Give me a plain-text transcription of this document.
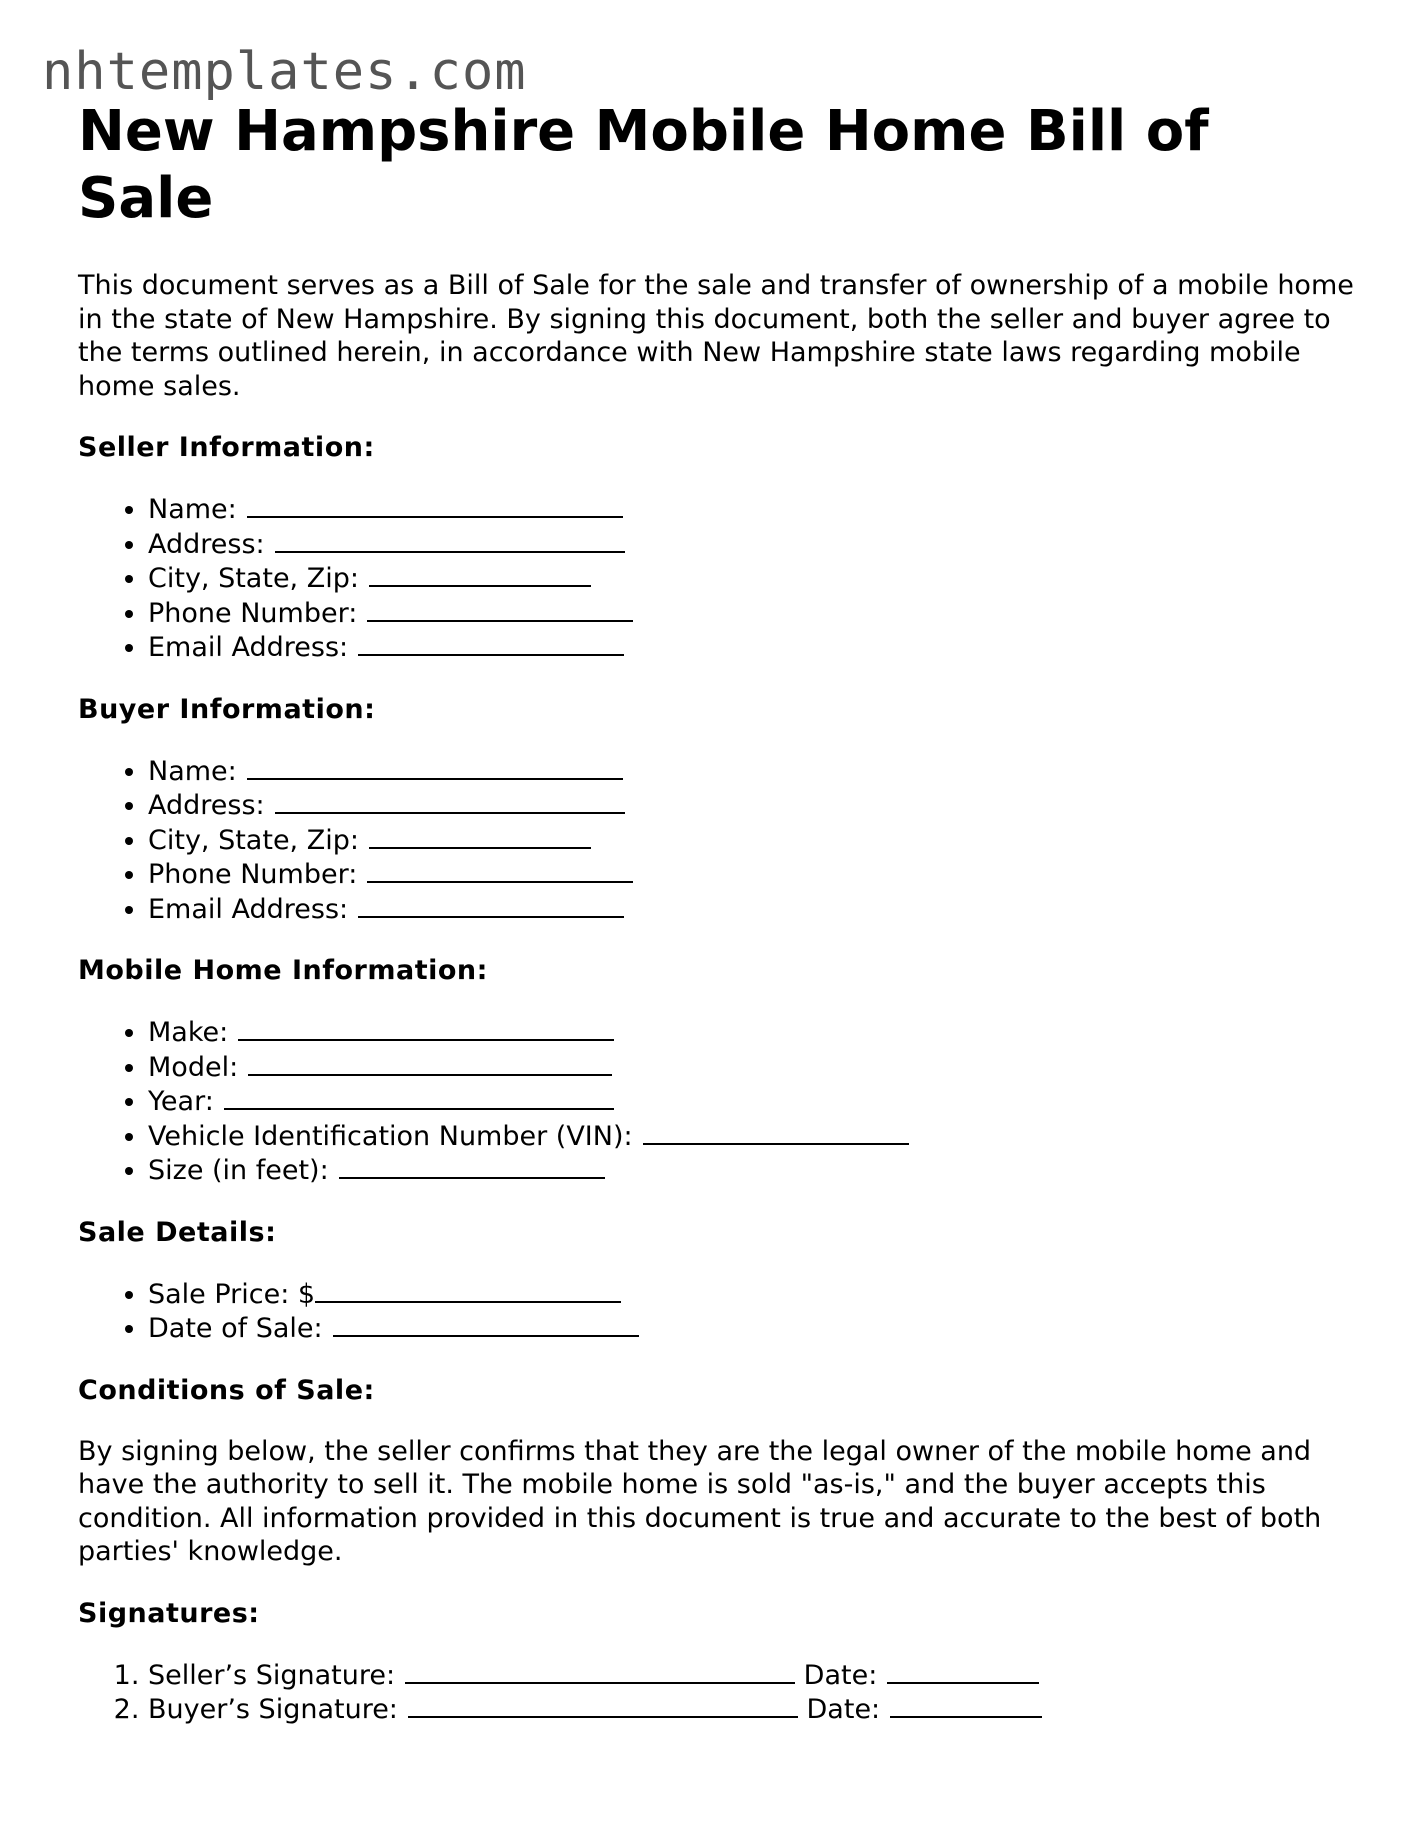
nhtemplates.com
New Hampshire Mobile Home Bill of Sale

This document serves as a Bill of Sale for the sale and transfer of ownership of a mobile home in the state of New Hampshire. By signing this document, both the seller and buyer agree to the terms outlined herein, in accordance with New Hampshire state laws regarding mobile home sales.

Seller Information:

• Name:
• Address:
• City, State, Zip:
• Phone Number:
• Email Address:

Buyer Information:

• Name:
• Address:
• City, State, Zip:
• Phone Number:
• Email Address:

Mobile Home Information:

• Make:
• Model:
• Year:
• Vehicle Identification Number (VIN):
• Size (in feet):

Sale Details:

• Sale Price: $
• Date of Sale:

Conditions of Sale:

By signing below, the seller confirms that they are the legal owner of the mobile home and have the authority to sell it. The mobile home is sold "as-is," and the buyer accepts this condition. All information provided in this document is true and accurate to the best of both parties' knowledge.

Signatures:

1. Seller’s Signature:	Date:
2. Buyer’s Signature:	Date:
